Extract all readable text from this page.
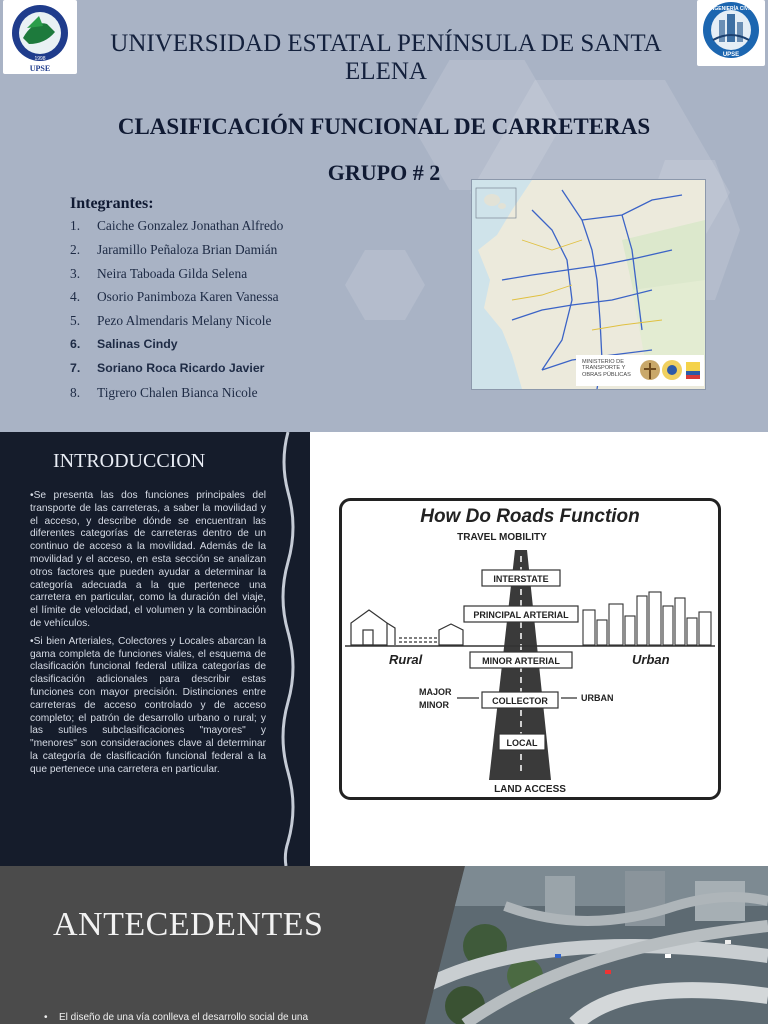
1998
UPSE
INGENIERÍA CIVIL
UPSE
UNIVERSIDAD ESTATAL PENÍNSULA DE SANTA ELENA
CLASIFICACIÓN FUNCIONAL DE CARRETERAS
GRUPO # 2
Integrantes:
1.	Caiche Gonzalez Jonathan Alfredo
2.	Jaramillo Peñaloza Brian Damián
3.	Neira Taboada Gilda Selena
4.	Osorio Panimboza Karen Vanessa
5.	Pezo Almendaris Melany Nicole
6.	Salinas Cindy
7.	Soriano Roca Ricardo Javier
8.	Tigrero Chalen Bianca Nicole
MINISTERIO DE TRANSPORTE Y OBRAS PÚBLICAS
INTRODUCCION

•Se presenta las dos funciones principales del transporte de las carreteras, a saber la movilidad y el acceso, y describe dónde se encuentran las diferentes categorías de carreteras dentro de un continuo de acceso a la movilidad. Además de la movilidad y el acceso, en esta sección se analizan otros factores que pueden ayudar a determinar la categoría adecuada a la que pertenece una carretera en particular, como la duración del viaje, el límite de velocidad, el volumen y la combinación de vehículos.

•Si bien Arteriales, Colectores y Locales abarcan la gama completa de funciones viales, el esquema de clasificación funcional federal utiliza categorías de clasificación adicionales para describir estas funciones con mayor precisión. Distinciones entre carreteras de acceso controlado y de acceso completo; el patrón de desarrollo urbano o rural; y las sutiles subclasificaciones "mayores" y "menores" son consideraciones clave al determinar la categoría de clasificación funcional federal a la que pertenece una carretera en particular.

How Do Roads Function
TRAVEL MOBILITY
Rural	Urban
INTERSTATE
PRINCIPAL ARTERIAL
MINOR ARTERIAL
COLLECTOR
LOCAL
MAJOR
MINOR
URBAN
LAND ACCESS
ANTECEDENTES
• El diseño de una vía conlleva el desarrollo social de una
